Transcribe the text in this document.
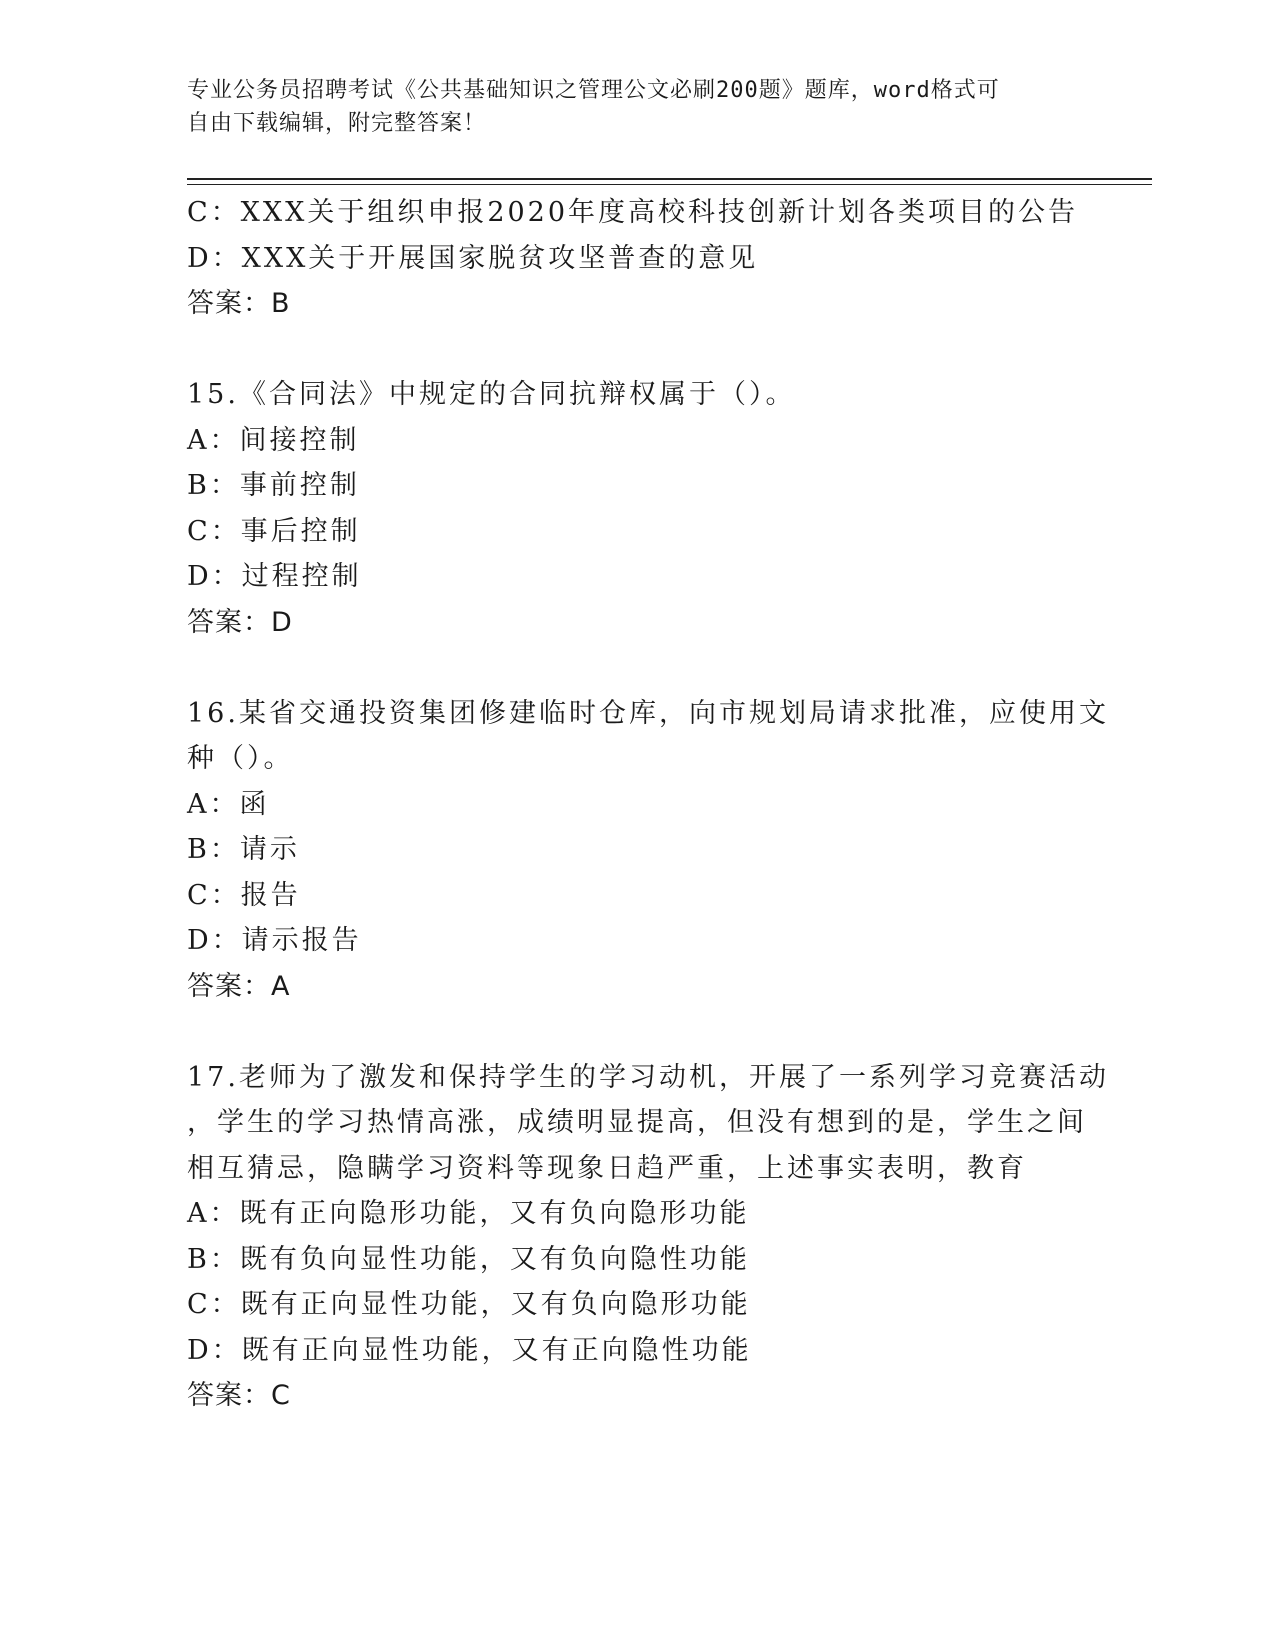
专业公务员招聘考试《公共基础知识之管理公文必刷200题》题库，word格式可
自由下载编辑，附完整答案！
C：XXX关于组织申报2020年度高校科技创新计划各类项目的公告
D：XXX关于开展国家脱贫攻坚普查的意见
答案：B
15.《合同法》中规定的合同抗辩权属于（）。
A：间接控制
B：事前控制
C：事后控制
D：过程控制
答案：D
16.某省交通投资集团修建临时仓库，向市规划局请求批准，应使用文
种（）。
A：函
B：请示
C：报告
D：请示报告
答案：A
17.老师为了激发和保持学生的学习动机，开展了一系列学习竞赛活动
，学生的学习热情高涨，成绩明显提高，但没有想到的是，学生之间
相互猜忌，隐瞒学习资料等现象日趋严重，上述事实表明，教育
A：既有正向隐形功能，又有负向隐形功能
B：既有负向显性功能，又有负向隐性功能
C：既有正向显性功能，又有负向隐形功能
D：既有正向显性功能，又有正向隐性功能
答案：C
